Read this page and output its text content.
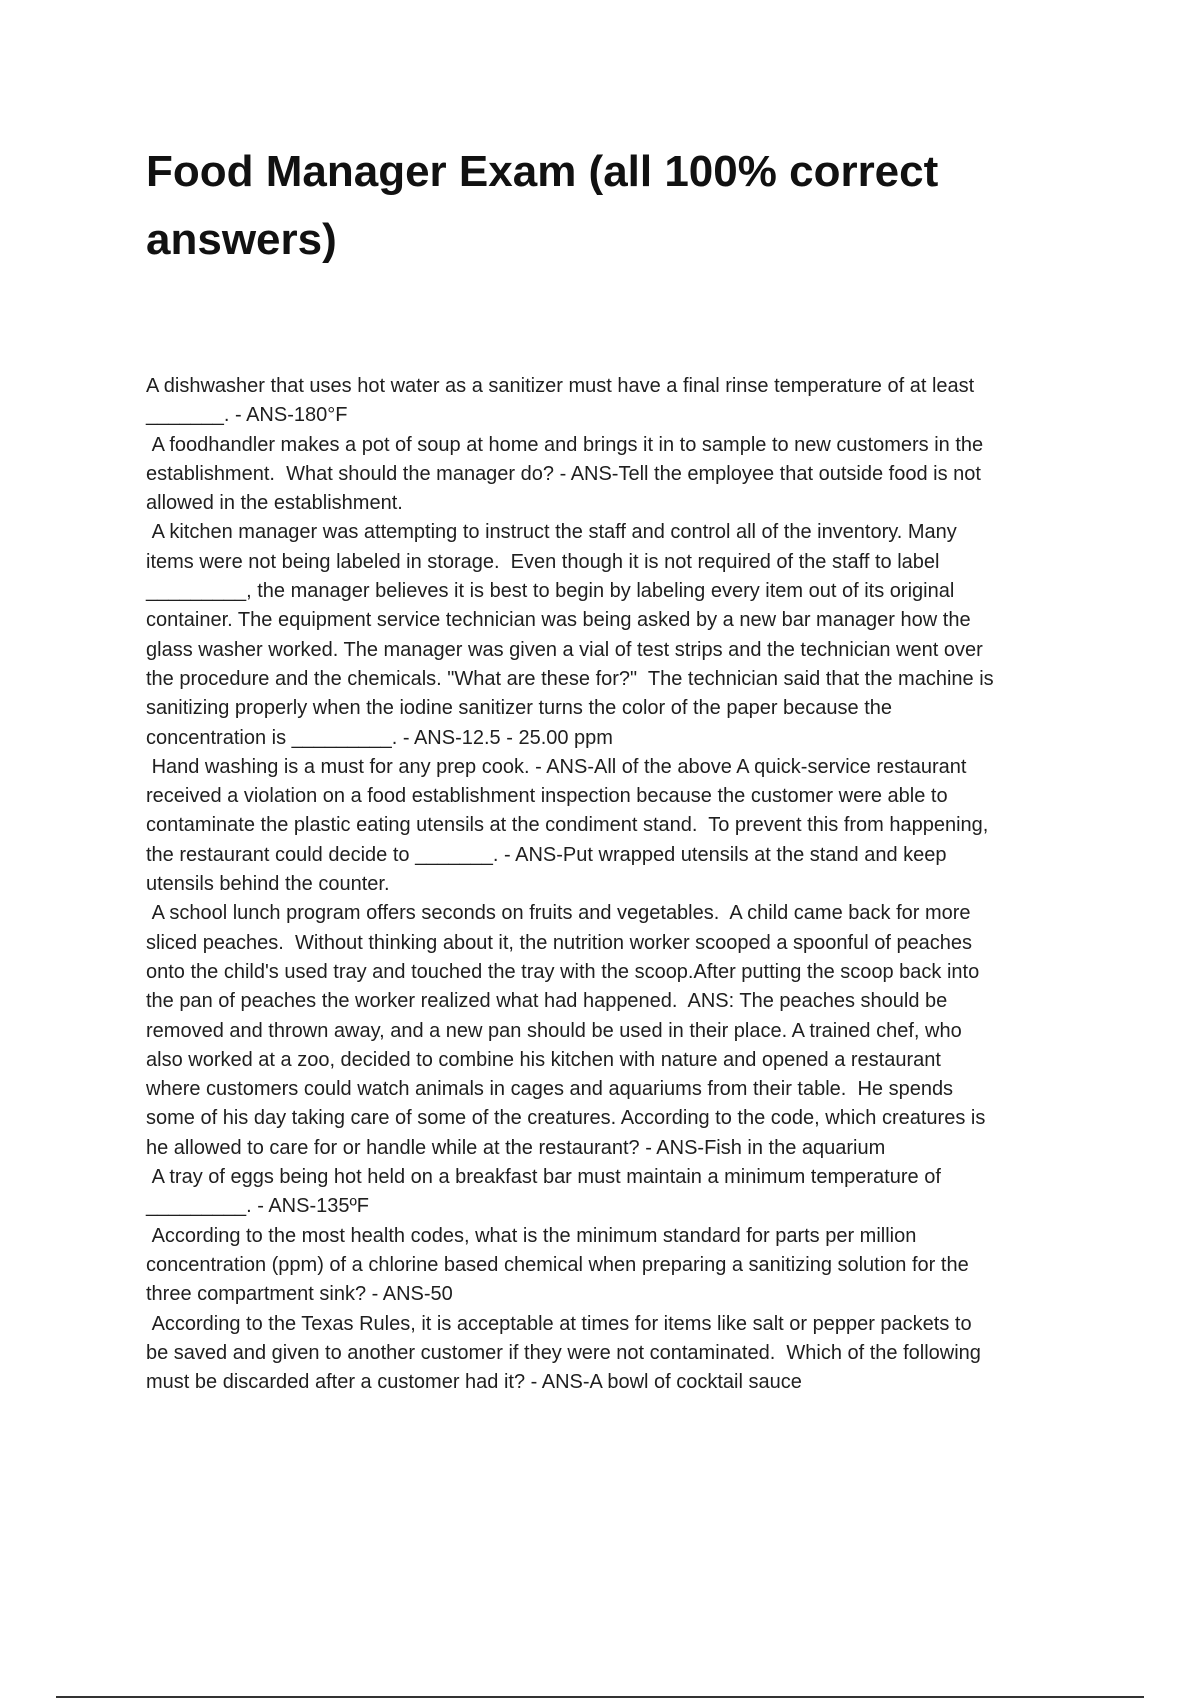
Food Manager Exam (all 100% correct answers)

A dishwasher that uses hot water as a sanitizer must have a final rinse temperature of at least
_______. - ANS-180°F

A foodhandler makes a pot of soup at home and brings it in to sample to new customers in the
establishment.  What should the manager do? - ANS-Tell the employee that outside food is not
allowed in the establishment.

A kitchen manager was attempting to instruct the staff and control all of the inventory. Many
items were not being labeled in storage.  Even though it is not required of the staff to label
_________, the manager believes it is best to begin by labeling every item out of its original
container. The equipment service technician was being asked by a new bar manager how the
glass washer worked. The manager was given a vial of test strips and the technician went over
the procedure and the chemicals. "What are these for?"  The technician said that the machine is
sanitizing properly when the iodine sanitizer turns the color of the paper because the
concentration is _________. - ANS-12.5 - 25.00 ppm

Hand washing is a must for any prep cook. - ANS-All of the above A quick-service restaurant
received a violation on a food establishment inspection because the customer were able to
contaminate the plastic eating utensils at the condiment stand.  To prevent this from happening,
the restaurant could decide to _______. - ANS-Put wrapped utensils at the stand and keep
utensils behind the counter.

A school lunch program offers seconds on fruits and vegetables.  A child came back for more
sliced peaches.  Without thinking about it, the nutrition worker scooped a spoonful of peaches
onto the child's used tray and touched the tray with the scoop.After putting the scoop back into
the pan of peaches the worker realized what had happened.  ANS: The peaches should be
removed and thrown away, and a new pan should be used in their place. A trained chef, who
also worked at a zoo, decided to combine his kitchen with nature and opened a restaurant
where customers could watch animals in cages and aquariums from their table.  He spends
some of his day taking care of some of the creatures. According to the code, which creatures is
he allowed to care for or handle while at the restaurant? - ANS-Fish in the aquarium

A tray of eggs being hot held on a breakfast bar must maintain a minimum temperature of
_________. - ANS-135ºF

According to the most health codes, what is the minimum standard for parts per million
concentration (ppm) of a chlorine based chemical when preparing a sanitizing solution for the
three compartment sink? - ANS-50

According to the Texas Rules, it is acceptable at times for items like salt or pepper packets to
be saved and given to another customer if they were not contaminated.  Which of the following
must be discarded after a customer had it? - ANS-A bowl of cocktail sauce
